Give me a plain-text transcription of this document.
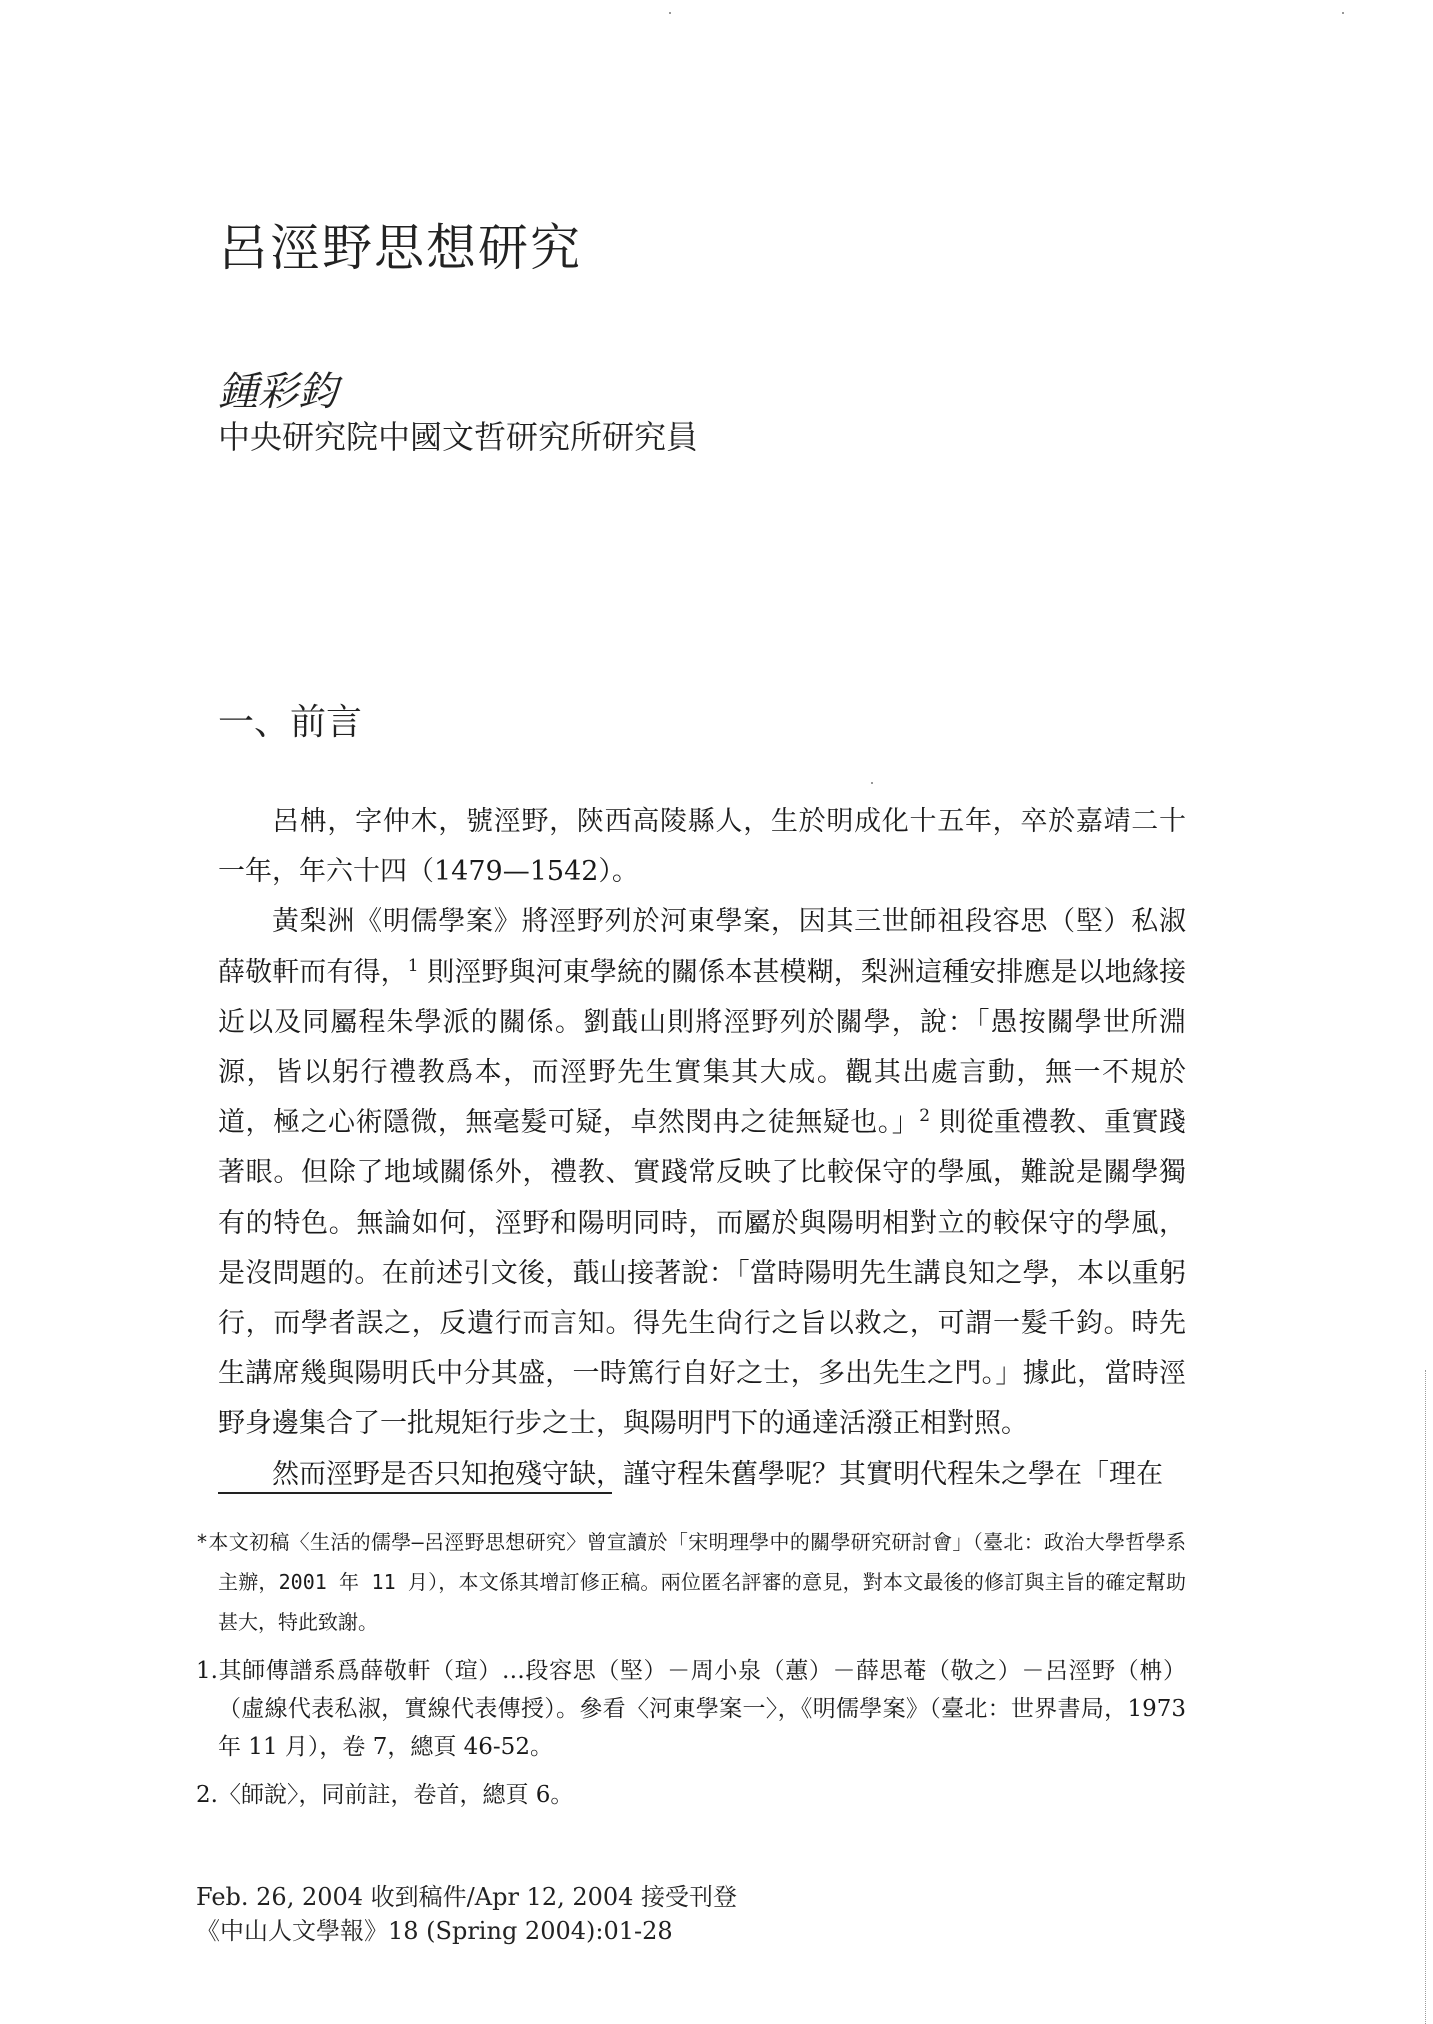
呂涇野思想研究
鍾彩鈞
中央研究院中國文哲研究所研究員
一、前言

呂柟，字仲木，號涇野，陝西高陵縣人，生於明成化十五年，卒於嘉靖二十一年，年六十四（1479—1542）。

黃梨洲《明儒學案》將涇野列於河東學案，因其三世師祖段容思（堅）私淑薛敬軒而有得，$^1$ 則涇野與河東學統的關係本甚模糊，梨洲這種安排應是以地緣接近以及同屬程朱學派的關係。劉蕺山則將涇野列於關學，說：「愚按關學世所淵源，皆以躬行禮教爲本，而涇野先生實集其大成。觀其出處言動，無一不規於道，極之心術隱微，無毫髮可疑，卓然閔冉之徒無疑也。」$^2$ 則從重禮教、重實踐著眼。但除了地域關係外，禮教、實踐常反映了比較保守的學風，難說是關學獨有的特色。無論如何，涇野和陽明同時，而屬於與陽明相對立的較保守的學風，是沒問題的。在前述引文後，蕺山接著說：「當時陽明先生講良知之學，本以重躬行，而學者誤之，反遺行而言知。得先生尙行之旨以救之，可謂一髮千鈞。時先生講席幾與陽明氏中分其盛，一時篤行自好之士，多出先生之門。」據此，當時涇野身邊集合了一批規矩行步之士，與陽明門下的通達活潑正相對照。

然而涇野是否只知抱殘守缺，謹守程朱舊學呢？其實明代程朱之學在「理在

*本文初稿〈生活的儒學—呂涇野思想研究〉曾宣讀於「宋明理學中的關學研究研討會」（臺北：政治大學哲學系主辦，2001 年 11 月），本文係其增訂修正稿。兩位匿名評審的意見，對本文最後的修訂與主旨的確定幫助甚大，特此致謝。

1.其師傳譜系爲薛敬軒（瑄）…段容思（堅）－周小泉（蕙）－薛思菴（敬之）－呂涇野（柟）（虛線代表私淑，實線代表傳授）。參看〈河東學案一〉，《明儒學案》（臺北：世界書局，1973 年 11 月），卷 7，總頁 46-52。

2.〈師說〉，同前註，卷首，總頁 6。

Feb. 26, 2004 收到稿件/Apr 12, 2004 接受刊登
《中山人文學報》18 (Spring 2004):01-28
